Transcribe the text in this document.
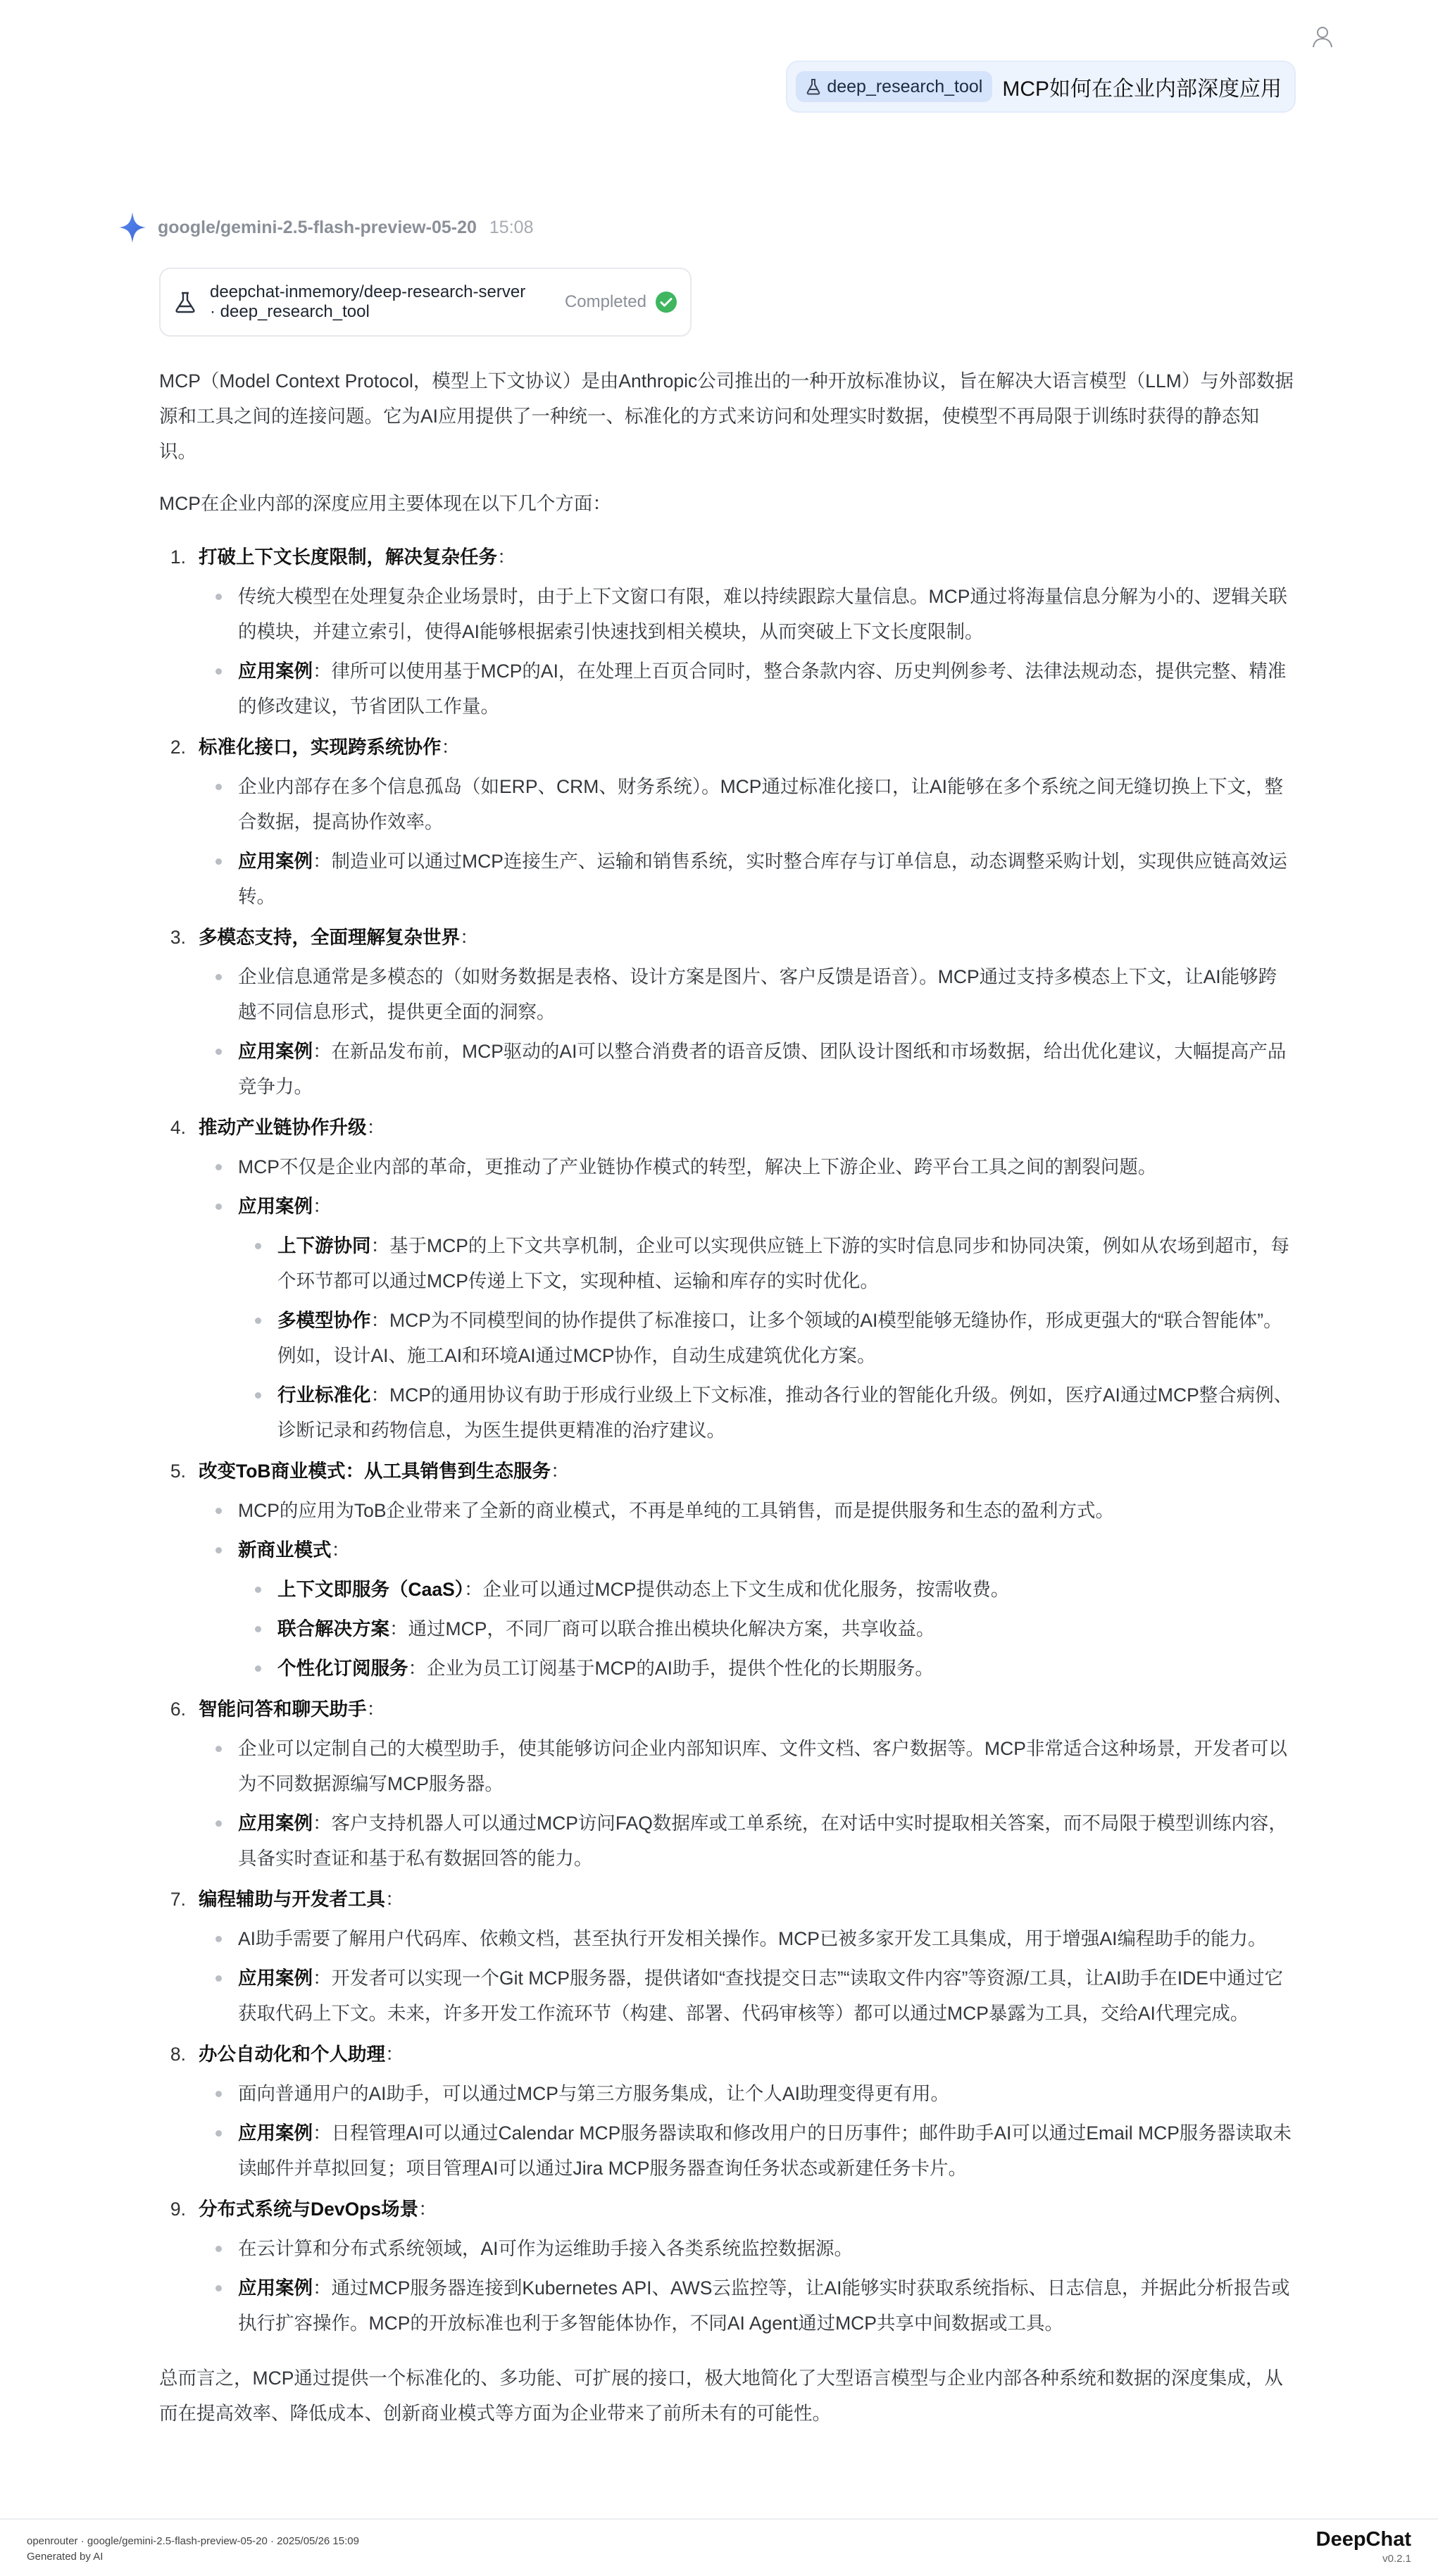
deep_research_tool MCP如何在企业内部深度应用
google/gemini-2.5-flash-preview-05-20 15:08
deepchat-inmemory/deep-research-server
· deep_research_tool
Completed

MCP（Model Context Protocol，模型上下文协议）是由Anthropic公司推出的一种开放标准协议，旨在解决大语言模型（LLM）与外部数据源和工具之间的连接问题。它为AI应用提供了一种统一、标准化的方式来访问和处理实时数据，使模型不再局限于训练时获得的静态知识。

MCP在企业内部的深度应用主要体现在以下几个方面：

1. 打破上下文长度限制，解决复杂任务：
传统大模型在处理复杂企业场景时，由于上下文窗口有限，难以持续跟踪大量信息。MCP通过将海量信息分解为小的、逻辑关联的模块，并建立索引，使得AI能够根据索引快速找到相关模块，从而突破上下文长度限制。
应用案例：律所可以使用基于MCP的AI，在处理上百页合同时，整合条款内容、历史判例参考、法律法规动态，提供完整、精准的修改建议，节省团队工作量。
2. 标准化接口，实现跨系统协作：
企业内部存在多个信息孤岛（如ERP、CRM、财务系统）。MCP通过标准化接口，让AI能够在多个系统之间无缝切换上下文，整合数据，提高协作效率。
应用案例：制造业可以通过MCP连接生产、运输和销售系统，实时整合库存与订单信息，动态调整采购计划，实现供应链高效运转。
3. 多模态支持，全面理解复杂世界：
企业信息通常是多模态的（如财务数据是表格、设计方案是图片、客户反馈是语音）。MCP通过支持多模态上下文，让AI能够跨越不同信息形式，提供更全面的洞察。
应用案例：在新品发布前，MCP驱动的AI可以整合消费者的语音反馈、团队设计图纸和市场数据，给出优化建议，大幅提高产品竞争力。
4. 推动产业链协作升级：
MCP不仅是企业内部的革命，更推动了产业链协作模式的转型，解决上下游企业、跨平台工具之间的割裂问题。
应用案例：
上下游协同：基于MCP的上下文共享机制，企业可以实现供应链上下游的实时信息同步和协同决策，例如从农场到超市，每个环节都可以通过MCP传递上下文，实现种植、运输和库存的实时优化。
多模型协作：MCP为不同模型间的协作提供了标准接口，让多个领域的AI模型能够无缝协作，形成更强大的“联合智能体”。例如，设计AI、施工AI和环境AI通过MCP协作，自动生成建筑优化方案。
行业标准化：MCP的通用协议有助于形成行业级上下文标准，推动各行业的智能化升级。例如，医疗AI通过MCP整合病例、诊断记录和药物信息，为医生提供更精准的治疗建议。
5. 改变ToB商业模式：从工具销售到生态服务：
MCP的应用为ToB企业带来了全新的商业模式，不再是单纯的工具销售，而是提供服务和生态的盈利方式。
新商业模式：
上下文即服务（CaaS）：企业可以通过MCP提供动态上下文生成和优化服务，按需收费。
联合解决方案：通过MCP，不同厂商可以联合推出模块化解决方案，共享收益。
个性化订阅服务：企业为员工订阅基于MCP的AI助手，提供个性化的长期服务。
6. 智能问答和聊天助手：
企业可以定制自己的大模型助手，使其能够访问企业内部知识库、文件文档、客户数据等。MCP非常适合这种场景，开发者可以为不同数据源编写MCP服务器。
应用案例：客户支持机器人可以通过MCP访问FAQ数据库或工单系统，在对话中实时提取相关答案，而不局限于模型训练内容，具备实时查证和基于私有数据回答的能力。
7. 编程辅助与开发者工具：
AI助手需要了解用户代码库、依赖文档，甚至执行开发相关操作。MCP已被多家开发工具集成，用于增强AI编程助手的能力。
应用案例：开发者可以实现一个Git MCP服务器，提供诸如“查找提交日志”“读取文件内容”等资源/工具，让AI助手在IDE中通过它获取代码上下文。未来，许多开发工作流环节（构建、部署、代码审核等）都可以通过MCP暴露为工具，交给AI代理完成。
8. 办公自动化和个人助理：
面向普通用户的AI助手，可以通过MCP与第三方服务集成，让个人AI助理变得更有用。
应用案例：日程管理AI可以通过Calendar MCP服务器读取和修改用户的日历事件；邮件助手AI可以通过Email MCP服务器读取未读邮件并草拟回复；项目管理AI可以通过Jira MCP服务器查询任务状态或新建任务卡片。
9. 分布式系统与DevOps场景：
在云计算和分布式系统领域，AI可作为运维助手接入各类系统监控数据源。
应用案例：通过MCP服务器连接到Kubernetes API、AWS云监控等，让AI能够实时获取系统指标、日志信息，并据此分析报告或执行扩容操作。MCP的开放标准也利于多智能体协作，不同AI Agent通过MCP共享中间数据或工具。

总而言之，MCP通过提供一个标准化的、多功能、可扩展的接口，极大地简化了大型语言模型与企业内部各种系统和数据的深度集成，从而在提高效率、降低成本、创新商业模式等方面为企业带来了前所未有的可能性。

openrouter · google/gemini-2.5-flash-preview-05-20 · 2025/05/26 15:09
Generated by AI
DeepChat
v0.2.1
